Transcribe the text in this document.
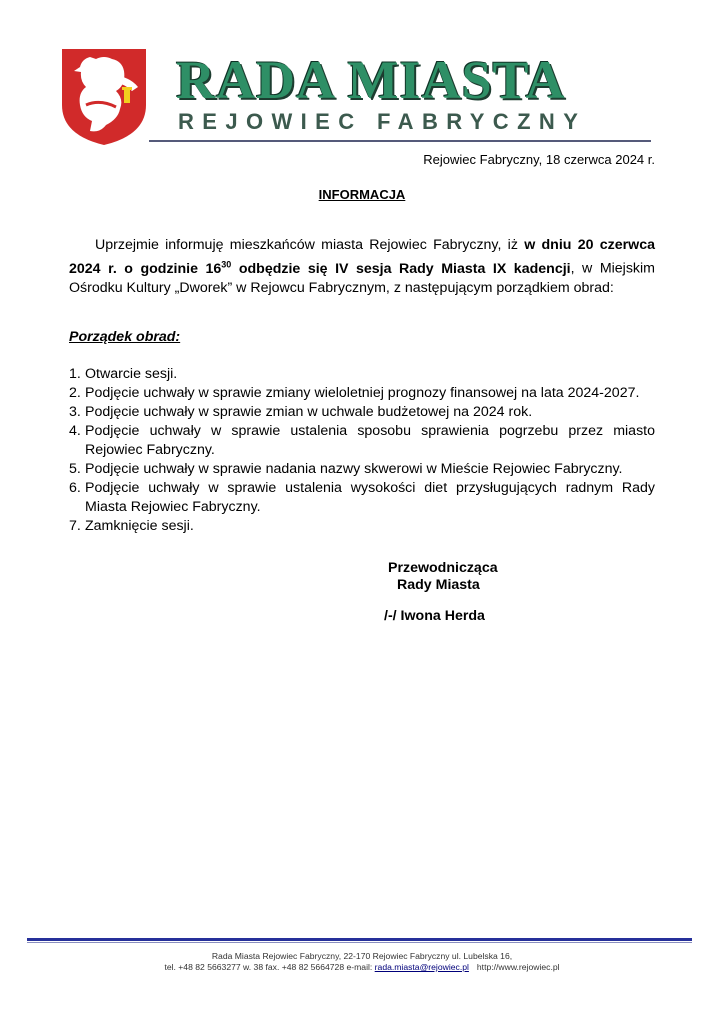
RADA MIASTA
REJOWIEC FABRYCZNY
Rejowiec Fabryczny, 18 czerwca 2024 r.
INFORMACJA
Uprzejmie informuję mieszkańców miasta Rejowiec Fabryczny, iż w dniu 20 czerwca 2024 r. o godzinie $16^{30}$ odbędzie się IV sesja Rady Miasta IX kadencji, w Miejskim Ośrodku Kultury „Dworek” w Rejowcu Fabrycznym, z następującym porządkiem obrad:
Porządek obrad:
1. Otwarcie sesji.
2. Podjęcie uchwały w sprawie zmiany wieloletniej prognozy finansowej na lata 2024-2027.
3. Podjęcie uchwały w sprawie zmian w uchwale budżetowej na 2024 rok.
4. Podjęcie uchwały w sprawie ustalenia sposobu sprawienia pogrzebu przez miasto Rejowiec Fabryczny.
5. Podjęcie uchwały w sprawie nadania nazwy skwerowi w Mieście Rejowiec Fabryczny.
6. Podjęcie uchwały w sprawie ustalenia wysokości diet przysługujących radnym Rady Miasta Rejowiec Fabryczny.
7. Zamknięcie sesji.
Przewodnicząca
Rady Miasta
/-/ Iwona Herda
Rada Miasta Rejowiec Fabryczny, 22-170 Rejowiec Fabryczny ul. Lubelska 16,
tel. +48 82 5663277 w. 38 fax. +48 82 5664728 e-mail: rada.miasta@rejowiec.pl http://www.rejowiec.pl
